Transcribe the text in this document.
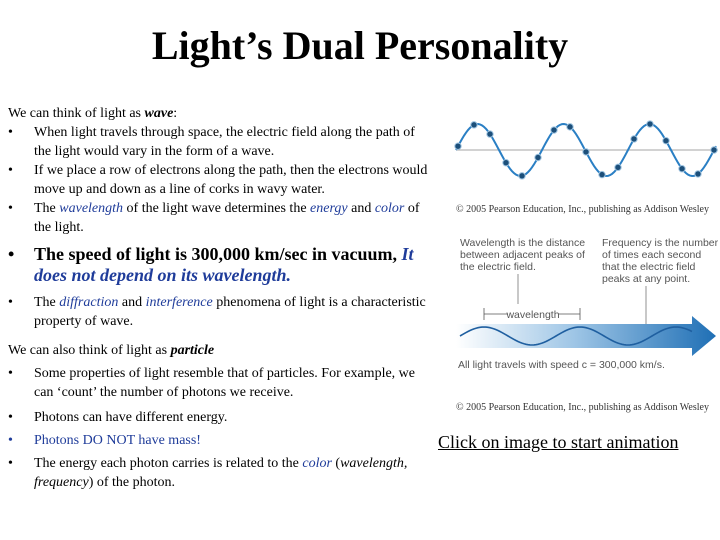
Light’s Dual Personality

We can think of light as wave:

• When light travels through space, the electric field along the path of the light would vary in the form of a wave.

• If we place a row of electrons along the path, then the electrons would move up and down as a line of corks in wavy water.

• The wavelength of the light wave determines the energy and color of the light.

• The speed of light is 300,000 km/sec in vacuum, It does not depend on its wavelength.

• The diffraction and interference phenomena of light is a characteristic property of wave.

We can also think of light as particle

• Some properties of light resemble that of particles. For example, we can ‘count’ the number of photons we receive.

• Photons can have different energy.

• Photons DO NOT have mass!

• The energy each photon carries is related to the color (wavelength, frequency) of the photon.

© 2005 Pearson Education, Inc., publishing as Addison Wesley
Wavelength is the distance
between adjacent peaks of
the electric field.
Frequency is the number
of times each second
that the electric field
peaks at any point.
wavelength
All light travels with speed c = 300,000 km/s.
© 2005 Pearson Education, Inc., publishing as Addison Wesley
Click on image to start animation
